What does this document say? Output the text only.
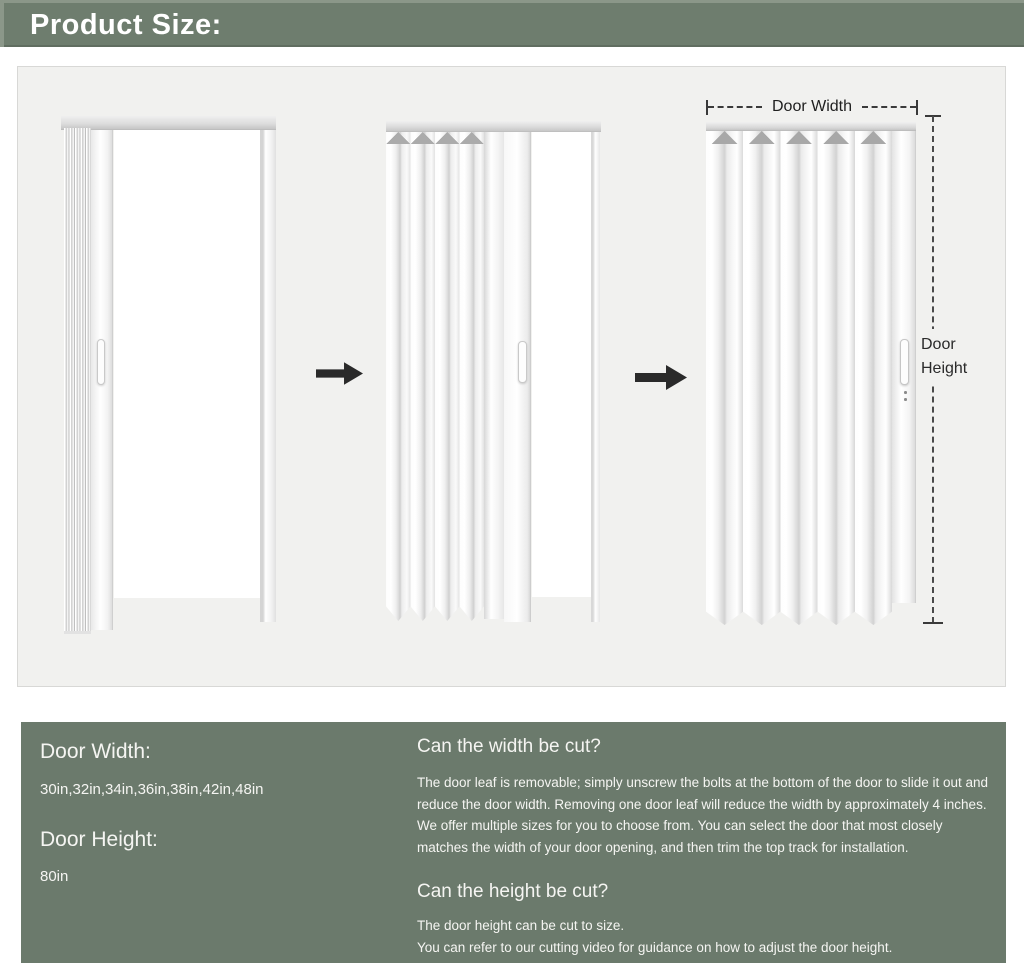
Product Size:
Door Width
Door Height

Door Width:

30in,32in,34in,36in,38in,42in,48in

Door Height:

80in

Can the width be cut?

The door leaf is removable; simply unscrew the bolts at the bottom of the door to slide it out and reduce the door width. Removing one door leaf will reduce the width by approximately 4 inches.

We offer multiple sizes for you to choose from. You can select the door that most closely matches the width of your door opening, and then trim the top track for installation.

Can the height be cut?

The door height can be cut to size.

You can refer to our cutting video for guidance on how to adjust the door height.
